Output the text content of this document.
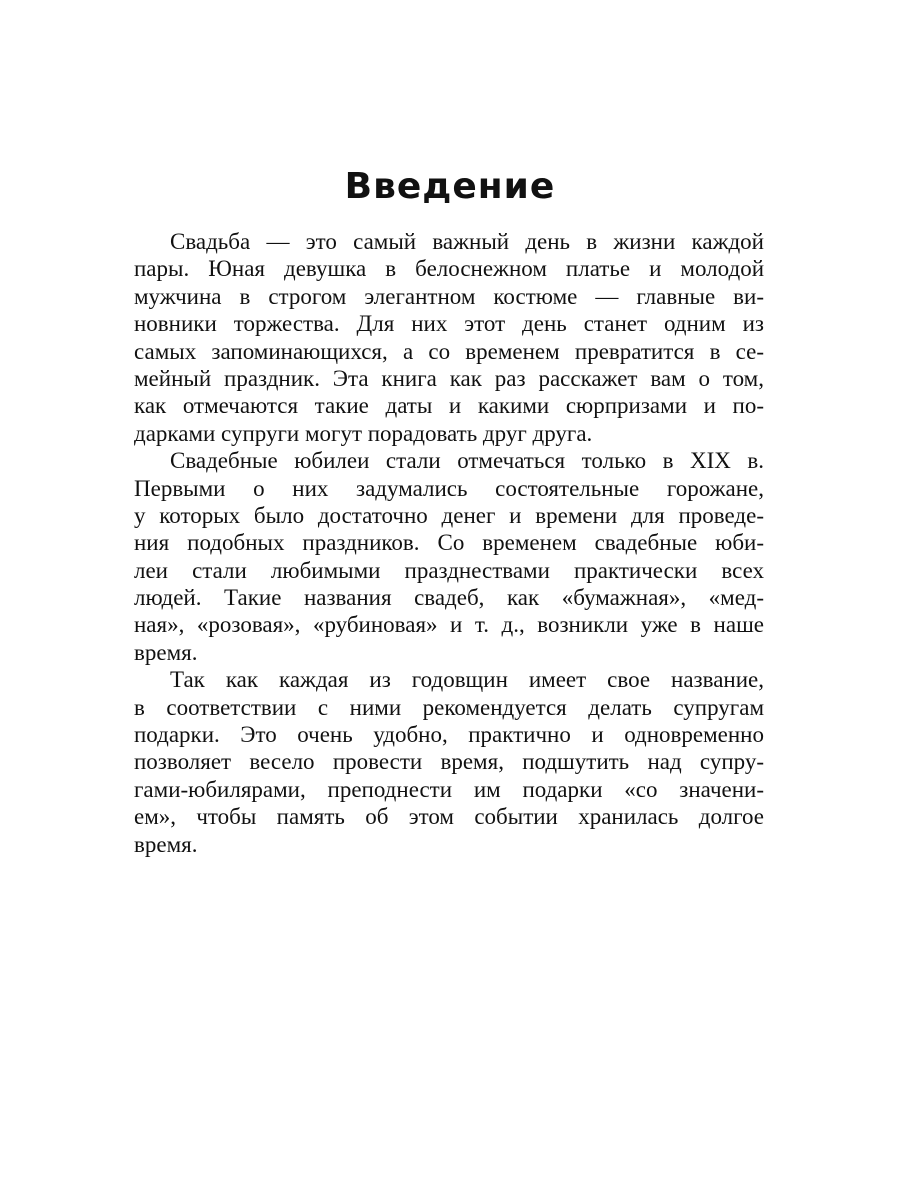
Введение
Свадьба — это самый важный день в жизни каждой
пары. Юная девушка в белоснежном платье и молодой
мужчина в строгом элегантном костюме — главные ви-
новники торжества. Для них этот день станет одним из
самых запоминающихся, а со временем превратится в се-
мейный праздник. Эта книга как раз расскажет вам о том,
как отмечаются такие даты и какими сюрпризами и по-
дарками супруги могут порадовать друг друга.
Свадебные юбилеи стали отмечаться только в XIX в.
Первыми о них задумались состоятельные горожане,
у которых было достаточно денег и времени для проведе-
ния подобных праздников. Со временем свадебные юби-
леи стали любимыми празднествами практически всех
людей. Такие названия свадеб, как «бумажная», «мед-
ная», «розовая», «рубиновая» и т. д., возникли уже в наше
время.
Так как каждая из годовщин имеет свое название,
в соответствии с ними рекомендуется делать супругам
подарки. Это очень удобно, практично и одновременно
позволяет весело провести время, подшутить над супру-
гами-юбилярами, преподнести им подарки «со значени-
ем», чтобы память об этом событии хранилась долгое
время.
